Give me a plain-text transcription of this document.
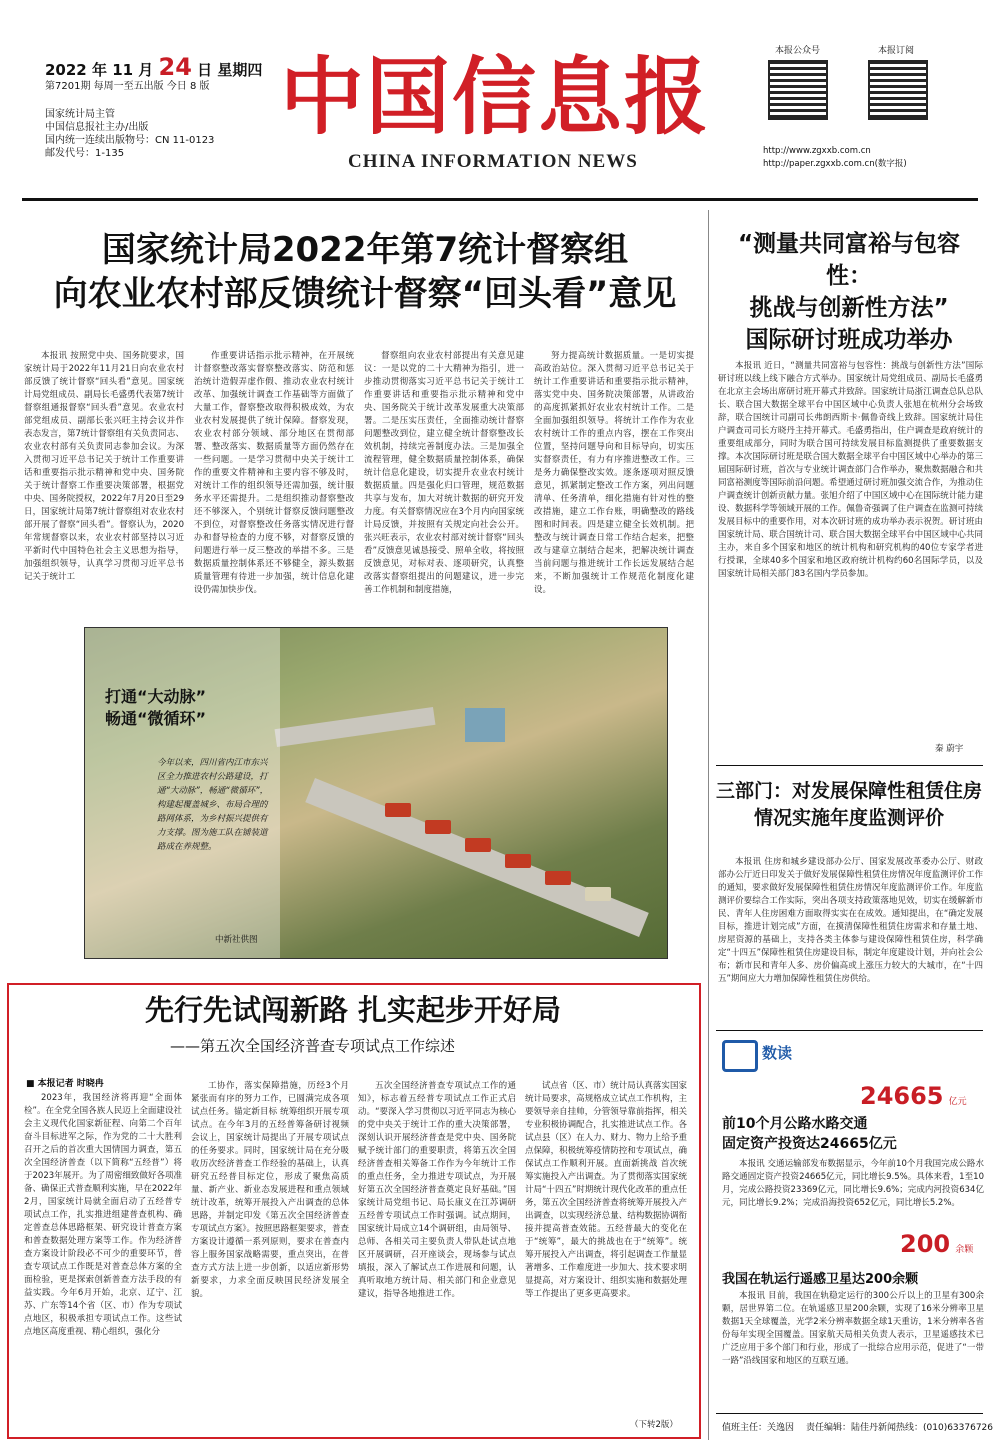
2022 年 11 月 24 日 星期四
第7201期 每周一至五出版 今日 8 版
国家统计局主管
中国信息报社主办/出版
国内统一连续出版物号：CN 11-0123
邮发代号：1-135
中国信息报
CHINA INFORMATION NEWS
本报公众号	本报订阅
http://www.zgxxb.com.cn
http://paper.zgxxb.com.cn(数字报)
国家统计局2022年第7统计督察组
向农业农村部反馈统计督察“回头看”意见

本报讯 按照党中央、国务院要求，国家统计局于2022年11月21日向农业农村部反馈了统计督察“回头看”意见。国家统计局党组成员、副局长毛盛勇代表第7统计督察组通报督察“回头看”意见。农业农村部党组成员、副部长张兴旺主持会议并作表态发言，第7统计督察组有关负责同志、农业农村部有关负责同志参加会议。为深入贯彻习近平总书记关于统计工作重要讲话和重要指示批示精神和党中央、国务院关于统计督察工作重要决策部署，根据党中央、国务院授权，2022年7月20日至29日，国家统计局第7统计督察组对农业农村部开展了督察“回头看”。督察认为，2020年常规督察以来，农业农村部坚持以习近平新时代中国特色社会主义思想为指导，加强组织领导，认真学习贯彻习近平总书记关于统计工

作重要讲话指示批示精神，在开展统计督察整改落实督察整改落实、防范和惩治统计造假弄虚作假、推动农业农村统计改革、加强统计调查工作基础等方面做了大量工作，督察整改取得积极成效，为农业农村发展提供了统计保障。督察发现，农业农村部分领域、部分地区在贯彻部署、整改落实、数据质量等方面仍然存在一些问题。一是学习贯彻中央关于统计工作的重要文件精神和主要内容不够及时，对统计工作的组织领导还需加强，统计服务水平还需提升。二是组织推动督察整改还不够深入，个别统计督察反馈问题整改不到位，对督察整改任务落实情况进行督办和督导检查的力度不够，对督察反馈的问题进行举一反三整改的举措不多。三是数据质量控制体系还不够健全，源头数据质量管理有待进一步加强，统计信息化建设仍需加快步伐。

督察组向农业农村部提出有关意见建议：一是以党的二十大精神为指引，进一步推动贯彻落实习近平总书记关于统计工作重要讲话和重要指示批示精神和党中央、国务院关于统计改革发展重大决策部署。二是压实压责任，全面推动统计督察问题整改到位，建立健全统计督察整改长效机制，持续完善制度办法。三是加强全流程管理，健全数据质量控制体系，确保统计信息化建设，切实提升农业农村统计数据质量。四是强化归口管理，规范数据共享与发布，加大对统计数据的研究开发力度。有关督察情况应在3个月内向国家统计局反馈，并按照有关规定向社会公开。张兴旺表示，农业农村部对统计督察“回头看”反馈意见诚恳接受、照单全收，将按照反馈意见，对标对表、逐项研究，认真整改落实督察组提出的问题建议，进一步完善工作机制和制度措施，

努力提高统计数据质量。一是切实提高政治站位。深入贯彻习近平总书记关于统计工作重要讲话和重要指示批示精神，落实党中央、国务院决策部署，从讲政治的高度抓紧抓好农业农村统计工作。二是全面加强组织领导。将统计工作作为农业农村统计工作的重点内容，摆在工作突出位置，坚持问题导向和目标导向，切实压实督察责任，有力有序推进整改工作。三是务力确保整改实效。逐条逐项对照反馈意见，抓紧制定整改工作方案，列出问题清单、任务清单，细化措施有针对性的整改措施，建立工作台账，明确整改的路线图和时间表。四是建立健全长效机制。把整改与统计调查日常工作结合起来，把整改与建章立制结合起来，把解决统计调查当前问题与推进统计工作长远发展结合起来，不断加强统计工作规范化制度化建设。

打通“大动脉”
畅通“微循环”
今年以来，四川省内江市东兴区全力推进农村公路建设，打通“大动脉”，畅通“微循环”，构建起覆盖城乡、布局合理的路网体系，为乡村振兴提供有力支撑。图为施工队在铺装道路成在养规整。
中新社供图
先行先试闯新路 扎实起步开好局
——第五次全国经济普查专项试点工作综述
■ 本报记者 时晓冉

2023年，我国经济将再迎“全面体检”。在全党全国各族人民迈上全面建设社会主义现代化国家新征程、向第二个百年奋斗目标进军之际，作为党的二十大胜利召开之后的首次重大国情国力调查，第五次全国经济普查（以下简称“五经普”）将于2023年展开。为了周密细致做好各项准备、确保正式普查顺利实施，早在2022年2月，国家统计局就全面启动了五经普专项试点工作，扎实推进组建普查机构、确定普查总体思路框架、研究设计普查方案和普查数据处理方案等工作。作为经济普查方案设计阶段必不可少的重要环节，普查专项试点工作既是对普查总体方案的全面检验，更是探索创新普查方法手段的有益实践。今年6月开始，北京、辽宁、江苏、广东等14个省（区、市）作为专项试点地区，积极承担专项试点工作。这些试点地区高度重视、精心组织，强化分

工协作，落实保障措施，历经3个月紧张而有序的努力工作，已圆满完成各项试点任务。锚定新目标 统筹组织开展专项试点。在今年3月的五经普筹备研讨视频会议上，国家统计局提出了开展专项试点的任务要求。同时，国家统计局在充分吸收历次经济普查工作经验的基础上，认真研究五经普目标定位，形成了聚焦高质量、新产业、新业态发展进程和重点领域统计改革，统筹开展投入产出调查的总体思路，并制定印发《第五次全国经济普查专项试点方案》。按照思路框架要求，普查方案设计遵循一系列原则，要求在普查内容上服务国家战略需要，重点突出，在普查方式方法上进一步创新，以适应新形势新要求，力求全面反映国民经济发展全貌。

五次全国经济普查专项试点工作的通知》，标志着五经普专项试点工作正式启动。“要深入学习贯彻以习近平同志为核心的党中央关于统计工作的重大决策部署，深刻认识开展经济普查是党中央、国务院赋予统计部门的重要职责，将第五次全国经济普查相关筹备工作作为今年统计工作的重点任务，全力推进专项试点，为开展好第五次全国经济普查奠定良好基础。”国家统计局党组书记、局长康义在江苏调研五经普专项试点工作时强调。试点期间，国家统计局成立14个调研组，由局领导、总师、各相关司主要负责人带队赴试点地区开展调研，召开座谈会，现场参与试点填报，深入了解试点工作进展和问题，认真听取地方统计局、相关部门和企业意见建议，指导各地推进工作。

试点省（区、市）统计局认真落实国家统计局要求，高规格成立试点工作机构，主要领导亲自挂帅，分管领导靠前指挥，相关专业积极协调配合，扎实推进试点工作。各试点县（区）在人力、财力、物力上给予重点保障，积极统筹疫情防控和专项试点，确保试点工作顺利开展。直面新挑战 首次统筹实施投入产出调查。为了贯彻落实国家统计局“十四五”时期统计现代化改革的重点任务，第五次全国经济普查将统筹开展投入产出调查，以实现经济总量、结构数据协调衔接并提高普查效能。五经普最大的变化在于“统筹”，最大的挑战也在于“统筹”。统筹开展投入产出调查，将引起调查工作量显著增多、工作难度进一步加大、技术要求明显提高，对方案设计、组织实施和数据处理等工作提出了更多更高要求。

（下转2版）
“测量共同富裕与包容性：
挑战与创新性方法”
国际研讨班成功举办

本报讯 近日，“测量共同富裕与包容性：挑战与创新性方法”国际研讨班以线上线下融合方式举办。国家统计局党组成员、副局长毛盛勇在北京主会场出席研讨班开幕式并致辞。国家统计局浙江调查总队总队长、联合国大数据全球平台中国区域中心负责人张旭在杭州分会场致辞，联合国统计司副司长弗朗西斯卡·佩鲁奇线上致辞。国家统计局住户调查司司长方晓丹主持开幕式。毛盛勇指出，住户调查是政府统计的重要组成部分，同时为联合国可持续发展目标监测提供了重要数据支撑。本次国际研讨班是联合国大数据全球平台中国区域中心举办的第三届国际研讨班，首次与专业统计调查部门合作举办，聚焦数据融合和共同富裕测度等国际前沿问题。希望通过研讨班加强交流合作，为推动住户调查统计创新贡献力量。张旭介绍了中国区域中心在国际统计能力建设、数据科学等领域开展的工作。佩鲁奇强调了住户调查在监测可持续发展目标中的重要作用，对本次研讨班的成功举办表示祝贺。研讨班由国家统计局、联合国统计司、联合国大数据全球平台中国区域中心共同主办，来自多个国家和地区的统计机构和研究机构的40位专家学者进行授课，全球40多个国家和地区政府统计机构约60名国际学员，以及国家统计局相关部门83名国内学员参加。

秦 蔚宇
三部门：对发展保障性租赁住房
情况实施年度监测评价

本报讯 住房和城乡建设部办公厅、国家发展改革委办公厅、财政部办公厅近日印发关于做好发展保障性租赁住房情况年度监测评价工作的通知，要求做好发展保障性租赁住房情况年度监测评价工作。年度监测评价要综合工作实际，突出各项支持政策落地见效，切实在缓解新市民、青年人住房困难方面取得实实在在成效。通知提出，在“确定发展目标，推进计划完成”方面，在摸清保障性租赁住房需求和存量土地、房屋资源的基础上，支持各类主体参与建设保障性租赁住房，科学确定“十四五”保障性租赁住房建设目标，制定年度建设计划，并向社会公布；新市民和青年人多、房价偏高或上涨压力较大的大城市，在“十四五”期间应大力增加保障性租赁住房供给。

数读
24665 亿元
前10个月公路水路交通
固定资产投资达24665亿元

本报讯 交通运输部发布数据显示，今年前10个月我国完成公路水路交通固定资产投资24665亿元，同比增长9.5%。具体来看，1至10月，完成公路投资23369亿元，同比增长9.6%；完成内河投资634亿元，同比增长9.2%；完成沿海投资652亿元，同比增长5.2%。

200 余颗
我国在轨运行遥感卫星达200余颗

本报讯 目前，我国在轨稳定运行的300公斤以上的卫星有300余颗，居世界第二位。在轨遥感卫星200余颗，实现了16米分辨率卫星数据1天全球覆盖，光学2米分辨率数据全球1天重访，1米分辨率各省份每年实现全国覆盖。国家航天局相关负责人表示，卫星遥感技术已广泛应用于多个部门和行业，形成了一批综合应用示范，促进了“一带一路”沿线国家和地区的互联互通。

值班主任：关逸因 责任编辑：陆佳丹 新闻热线：(010)63376726
